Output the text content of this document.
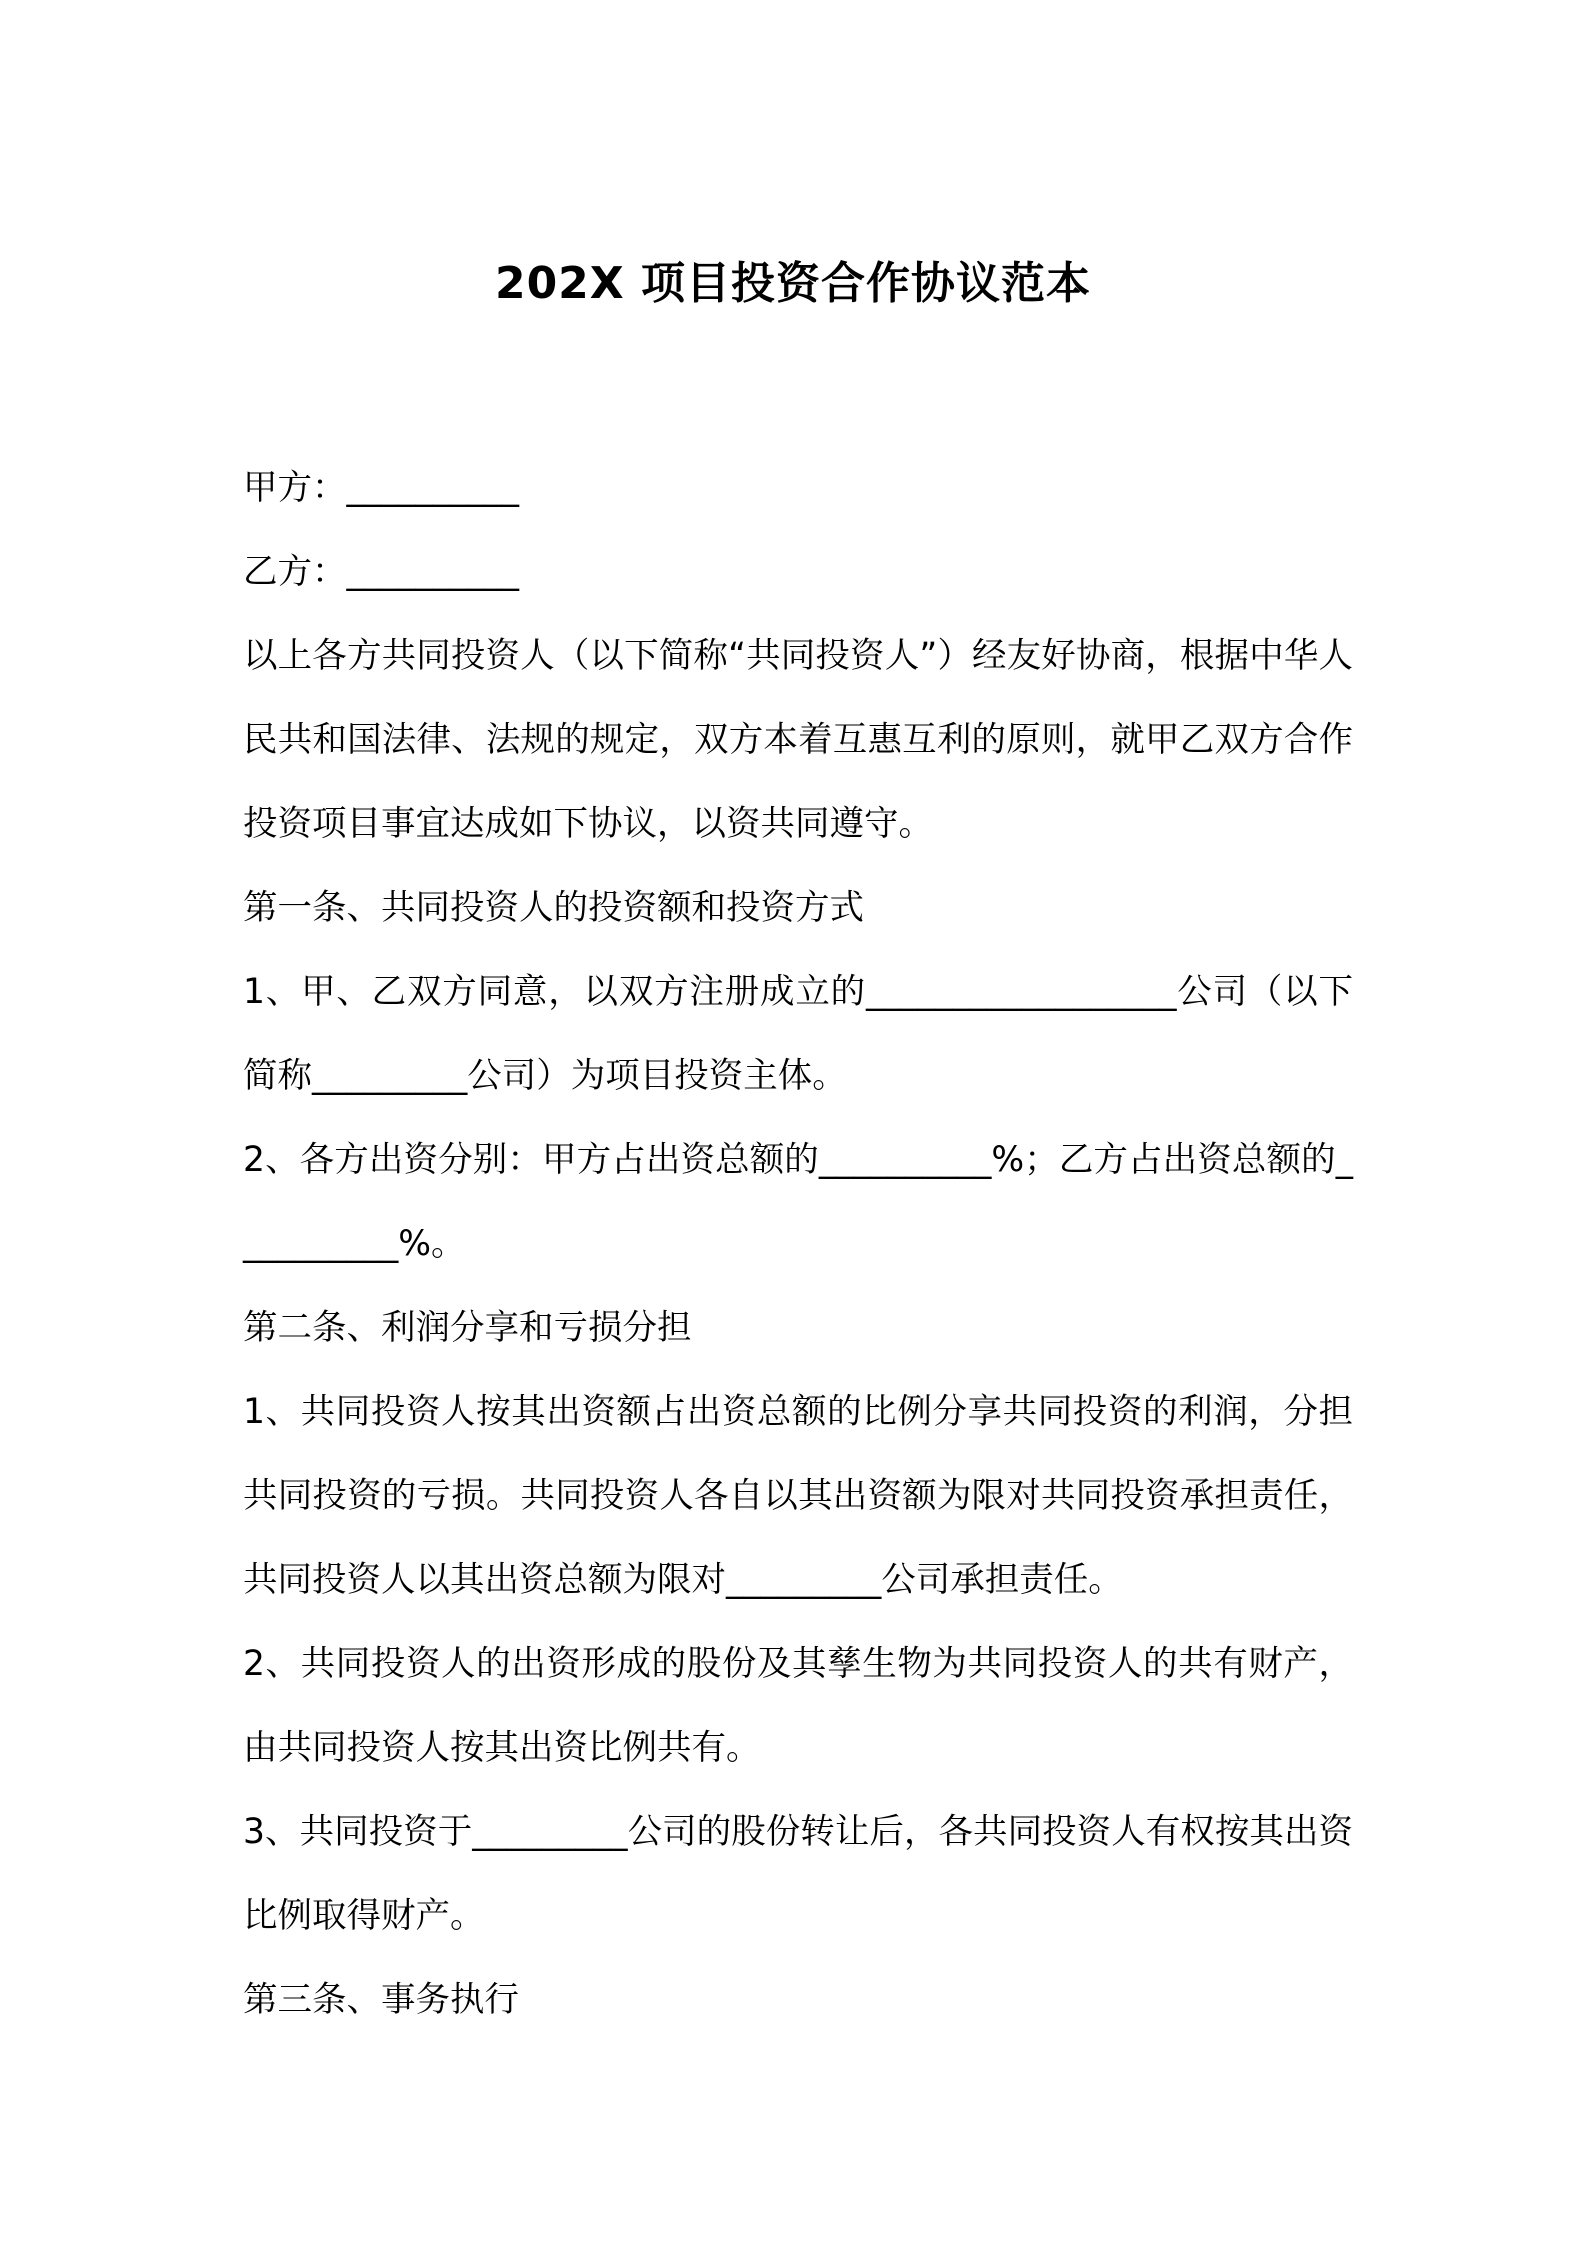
202X 项目投资合作协议范本

甲方：__________

乙方：__________

以上各方共同投资人（以下简称“共同投资人”）经友好协商，根据中华人民共和国法律、法规的规定，双方本着互惠互利的原则，就甲乙双方合作投资项目事宜达成如下协议，以资共同遵守。

第一条、共同投资人的投资额和投资方式

1、甲、乙双方同意，以双方注册成立的__________________公司（以下简称_________公司）为项目投资主体。

2、各方出资分别：甲方占出资总额的__________%；乙方占出资总额的__________%。

第二条、利润分享和亏损分担

1、共同投资人按其出资额占出资总额的比例分享共同投资的利润，分担共同投资的亏损。共同投资人各自以其出资额为限对共同投资承担责任，共同投资人以其出资总额为限对_________公司承担责任。

2、共同投资人的出资形成的股份及其孳生物为共同投资人的共有财产，由共同投资人按其出资比例共有。

3、共同投资于_________公司的股份转让后，各共同投资人有权按其出资比例取得财产。

第三条、事务执行
